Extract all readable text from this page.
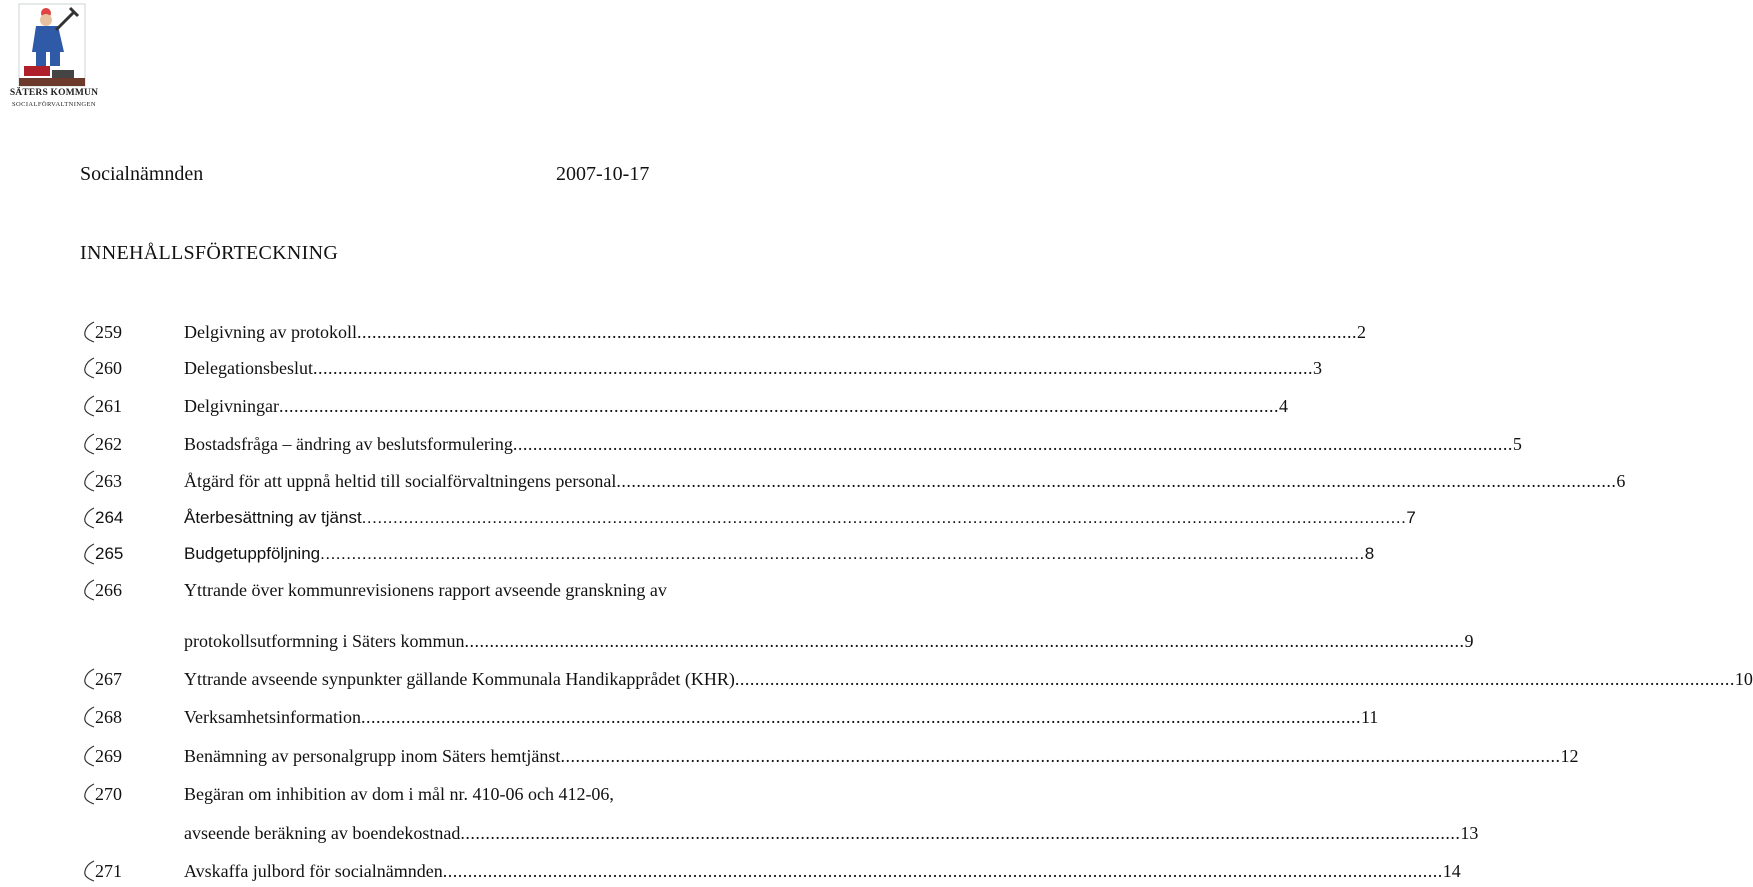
SÄTERS KOMMUN
SOCIALFÖRVALTNINGEN
Socialnämnden	2007-10-17
INNEHÅLLSFÖRTECKNING
259	Delgivning av protokoll ........................................................................................................................................................................................................ 2
260	Delegationsbeslut ........................................................................................................................................................................................................ 3
261	Delgivningar ........................................................................................................................................................................................................ 4
262	Bostadsfråga – ändring av beslutsformulering ........................................................................................................................................................................................................ 5
263	Åtgärd för att uppnå heltid till socialförvaltningens personal ........................................................................................................................................................................................................ 6
264	Återbesättning av tjänst ........................................................................................................................................................................................................ 7
265	Budgetuppföljning ........................................................................................................................................................................................................ 8
266	Yttrande över kommunrevisionens rapport avseende granskning av
protokollsutformning i Säters kommun ........................................................................................................................................................................................................ 9
267	Yttrande avseende synpunkter gällande Kommunala Handikapprådet (KHR) ........................................................................................................................................................................................................ 10
268	Verksamhetsinformation ........................................................................................................................................................................................................ 11
269	Benämning av personalgrupp inom Säters hemtjänst ........................................................................................................................................................................................................ 12
270	Begäran om inhibition av dom i mål nr. 410-06 och 412-06,
avseende beräkning av boendekostnad ........................................................................................................................................................................................................ 13
271	Avskaffa julbord för socialnämnden ........................................................................................................................................................................................................ 14
